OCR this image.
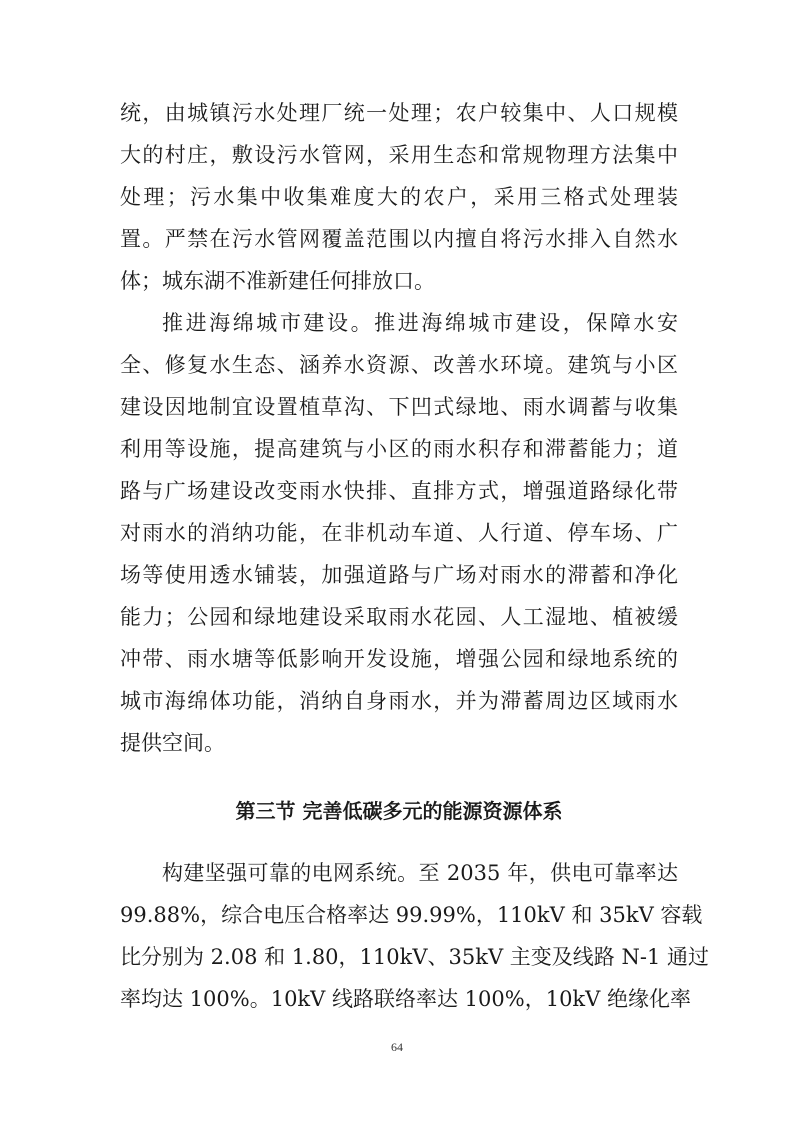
统，由城镇污水处理厂统一处理；农户较集中、人口规模
大的村庄，敷设污水管网，采用生态和常规物理方法集中
处理；污水集中收集难度大的农户，采用三格式处理装
置。严禁在污水管网覆盖范围以内擅自将污水排入自然水
体；城东湖不准新建任何排放口。
推进海绵城市建设。推进海绵城市建设，保障水安
全、修复水生态、涵养水资源、改善水环境。建筑与小区
建设因地制宜设置植草沟、下凹式绿地、雨水调蓄与收集
利用等设施，提高建筑与小区的雨水积存和滞蓄能力；道
路与广场建设改变雨水快排、直排方式，增强道路绿化带
对雨水的消纳功能，在非机动车道、人行道、停车场、广
场等使用透水铺装，加强道路与广场对雨水的滞蓄和净化
能力；公园和绿地建设采取雨水花园、人工湿地、植被缓
冲带、雨水塘等低影响开发设施，增强公园和绿地系统的
城市海绵体功能，消纳自身雨水，并为滞蓄周边区域雨水
提供空间。
第三节 完善低碳多元的能源资源体系
构建坚强可靠的电网系统。至 2035 年，供电可靠率达
99.88%，综合电压合格率达 99.99%，110kV 和 35kV 容载
比分别为 2.08 和 1.80，110kV、35kV 主变及线路 N-1 通过
率均达 100%。10kV 线路联络率达 100%，10kV 绝缘化率
64
